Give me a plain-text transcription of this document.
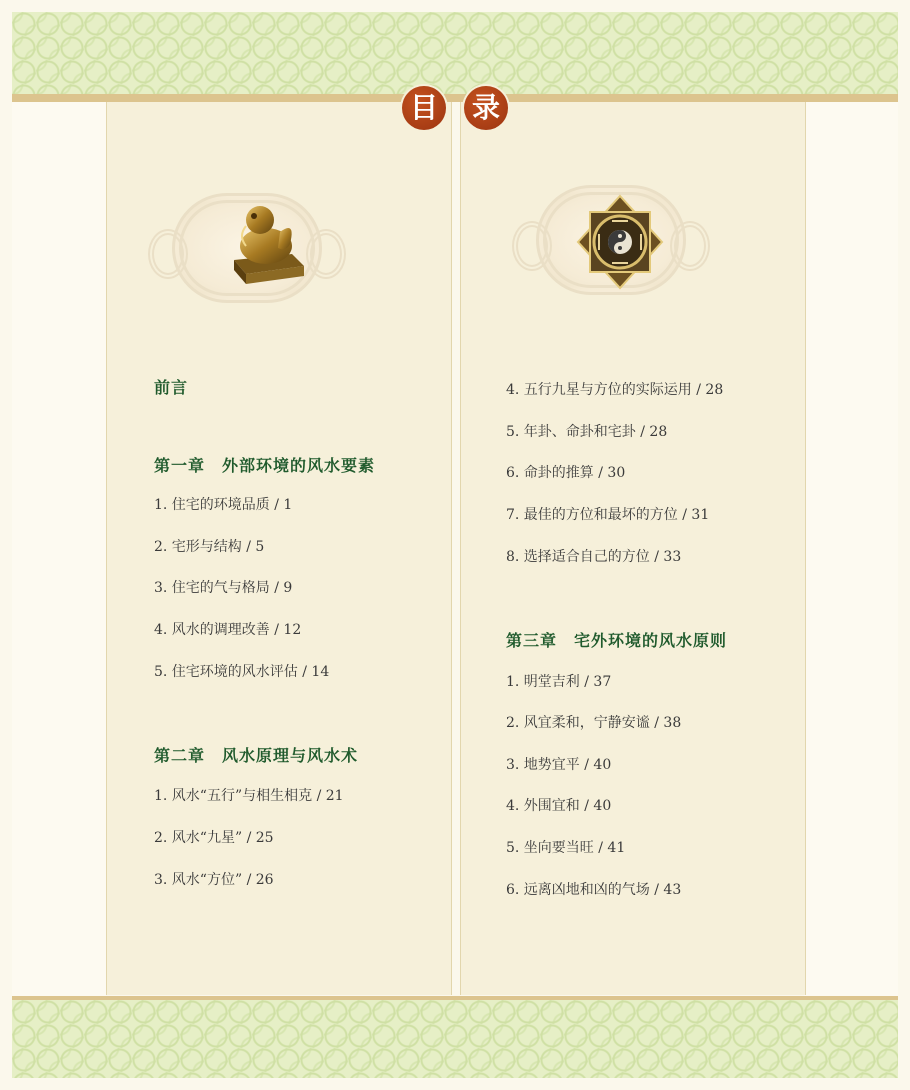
目 录
前言
第一章　外部环境的风水要素
1. 住宅的环境品质 / 1
2. 宅形与结构 / 5
3. 住宅的气与格局 / 9
4. 风水的调理改善 / 12
5. 住宅环境的风水评估 / 14
第二章　风水原理与风水术
1. 风水“五行”与相生相克 / 21
2. 风水“九星” / 25
3. 风水“方位” / 26
4. 五行九星与方位的实际运用 / 28
5. 年卦、命卦和宅卦 / 28
6. 命卦的推算 / 30
7. 最佳的方位和最坏的方位 / 31
8. 选择适合自己的方位 / 33
第三章　宅外环境的风水原则
1. 明堂吉利 / 37
2. 风宜柔和，宁静安谧 / 38
3. 地势宜平 / 40
4. 外围宜和 / 40
5. 坐向要当旺 / 41
6. 远离凶地和凶的气场 / 43
